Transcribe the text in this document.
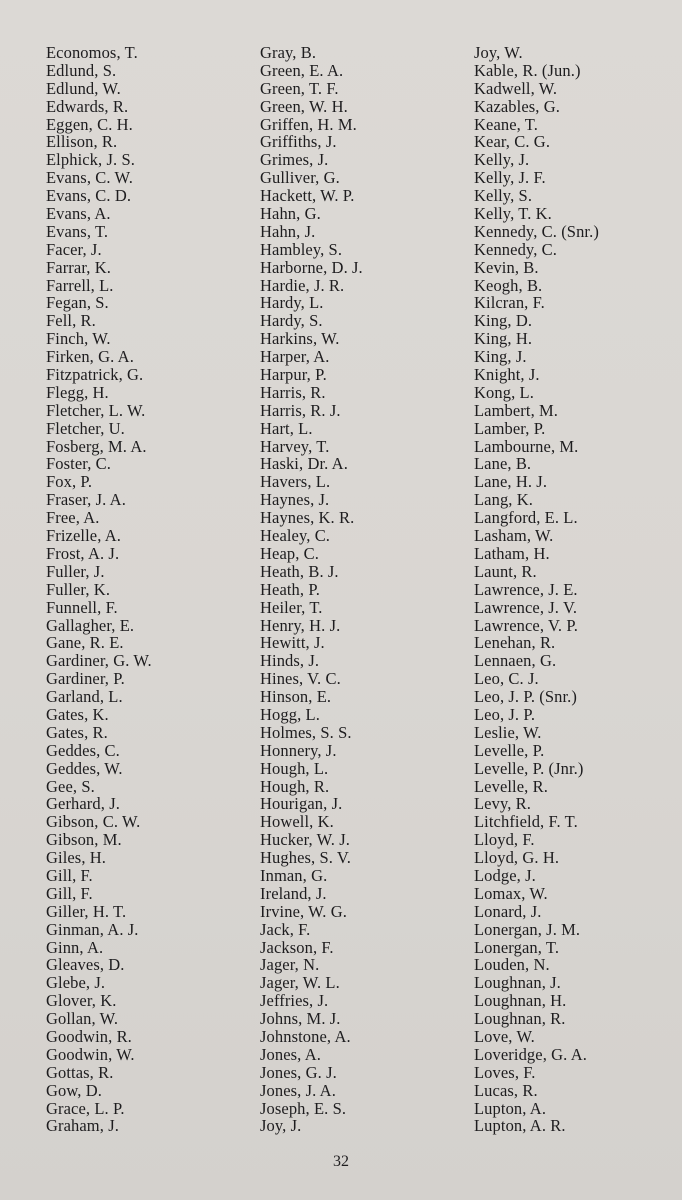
Economos, T.
Edlund, S.
Edlund, W.
Edwards, R.
Eggen, C. H.
Ellison, R.
Elphick, J. S.
Evans, C. W.
Evans, C. D.
Evans, A.
Evans, T.
Facer, J.
Farrar, K.
Farrell, L.
Fegan, S.
Fell, R.
Finch, W.
Firken, G. A.
Fitzpatrick, G.
Flegg, H.
Fletcher, L. W.
Fletcher, U.
Fosberg, M. A.
Foster, C.
Fox, P.
Fraser, J. A.
Free, A.
Frizelle, A.
Frost, A. J.
Fuller, J.
Fuller, K.
Funnell, F.
Gallagher, E.
Gane, R. E.
Gardiner, G. W.
Gardiner, P.
Garland, L.
Gates, K.
Gates, R.
Geddes, C.
Geddes, W.
Gee, S.
Gerhard, J.
Gibson, C. W.
Gibson, M.
Giles, H.
Gill, F.
Gill, F.
Giller, H. T.
Ginman, A. J.
Ginn, A.
Gleaves, D.
Glebe, J.
Glover, K.
Gollan, W.
Goodwin, R.
Goodwin, W.
Gottas, R.
Gow, D.
Grace, L. P.
Graham, J.
Gray, B.
Green, E. A.
Green, T. F.
Green, W. H.
Griffen, H. M.
Griffiths, J.
Grimes, J.
Gulliver, G.
Hackett, W. P.
Hahn, G.
Hahn, J.
Hambley, S.
Harborne, D. J.
Hardie, J. R.
Hardy, L.
Hardy, S.
Harkins, W.
Harper, A.
Harpur, P.
Harris, R.
Harris, R. J.
Hart, L.
Harvey, T.
Haski, Dr. A.
Havers, L.
Haynes, J.
Haynes, K. R.
Healey, C.
Heap, C.
Heath, B. J.
Heath, P.
Heiler, T.
Henry, H. J.
Hewitt, J.
Hinds, J.
Hines, V. C.
Hinson, E.
Hogg, L.
Holmes, S. S.
Honnery, J.
Hough, L.
Hough, R.
Hourigan, J.
Howell, K.
Hucker, W. J.
Hughes, S. V.
Inman, G.
Ireland, J.
Irvine, W. G.
Jack, F.
Jackson, F.
Jager, N.
Jager, W. L.
Jeffries, J.
Johns, M. J.
Johnstone, A.
Jones, A.
Jones, G. J.
Jones, J. A.
Joseph, E. S.
Joy, J.
Joy, W.
Kable, R. (Jun.)
Kadwell, W.
Kazables, G.
Keane, T.
Kear, C. G.
Kelly, J.
Kelly, J. F.
Kelly, S.
Kelly, T. K.
Kennedy, C. (Snr.)
Kennedy, C.
Kevin, B.
Keogh, B.
Kilcran, F.
King, D.
King, H.
King, J.
Knight, J.
Kong, L.
Lambert, M.
Lamber, P.
Lambourne, M.
Lane, B.
Lane, H. J.
Lang, K.
Langford, E. L.
Lasham, W.
Latham, H.
Launt, R.
Lawrence, J. E.
Lawrence, J. V.
Lawrence, V. P.
Lenehan, R.
Lennaen, G.
Leo, C. J.
Leo, J. P. (Snr.)
Leo, J. P.
Leslie, W.
Levelle, P.
Levelle, P. (Jnr.)
Levelle, R.
Levy, R.
Litchfield, F. T.
Lloyd, F.
Lloyd, G. H.
Lodge, J.
Lomax, W.
Lonard, J.
Lonergan, J. M.
Lonergan, T.
Louden, N.
Loughnan, J.
Loughnan, H.
Loughnan, R.
Love, W.
Loveridge, G. A.
Loves, F.
Lucas, R.
Lupton, A.
Lupton, A. R.
32
